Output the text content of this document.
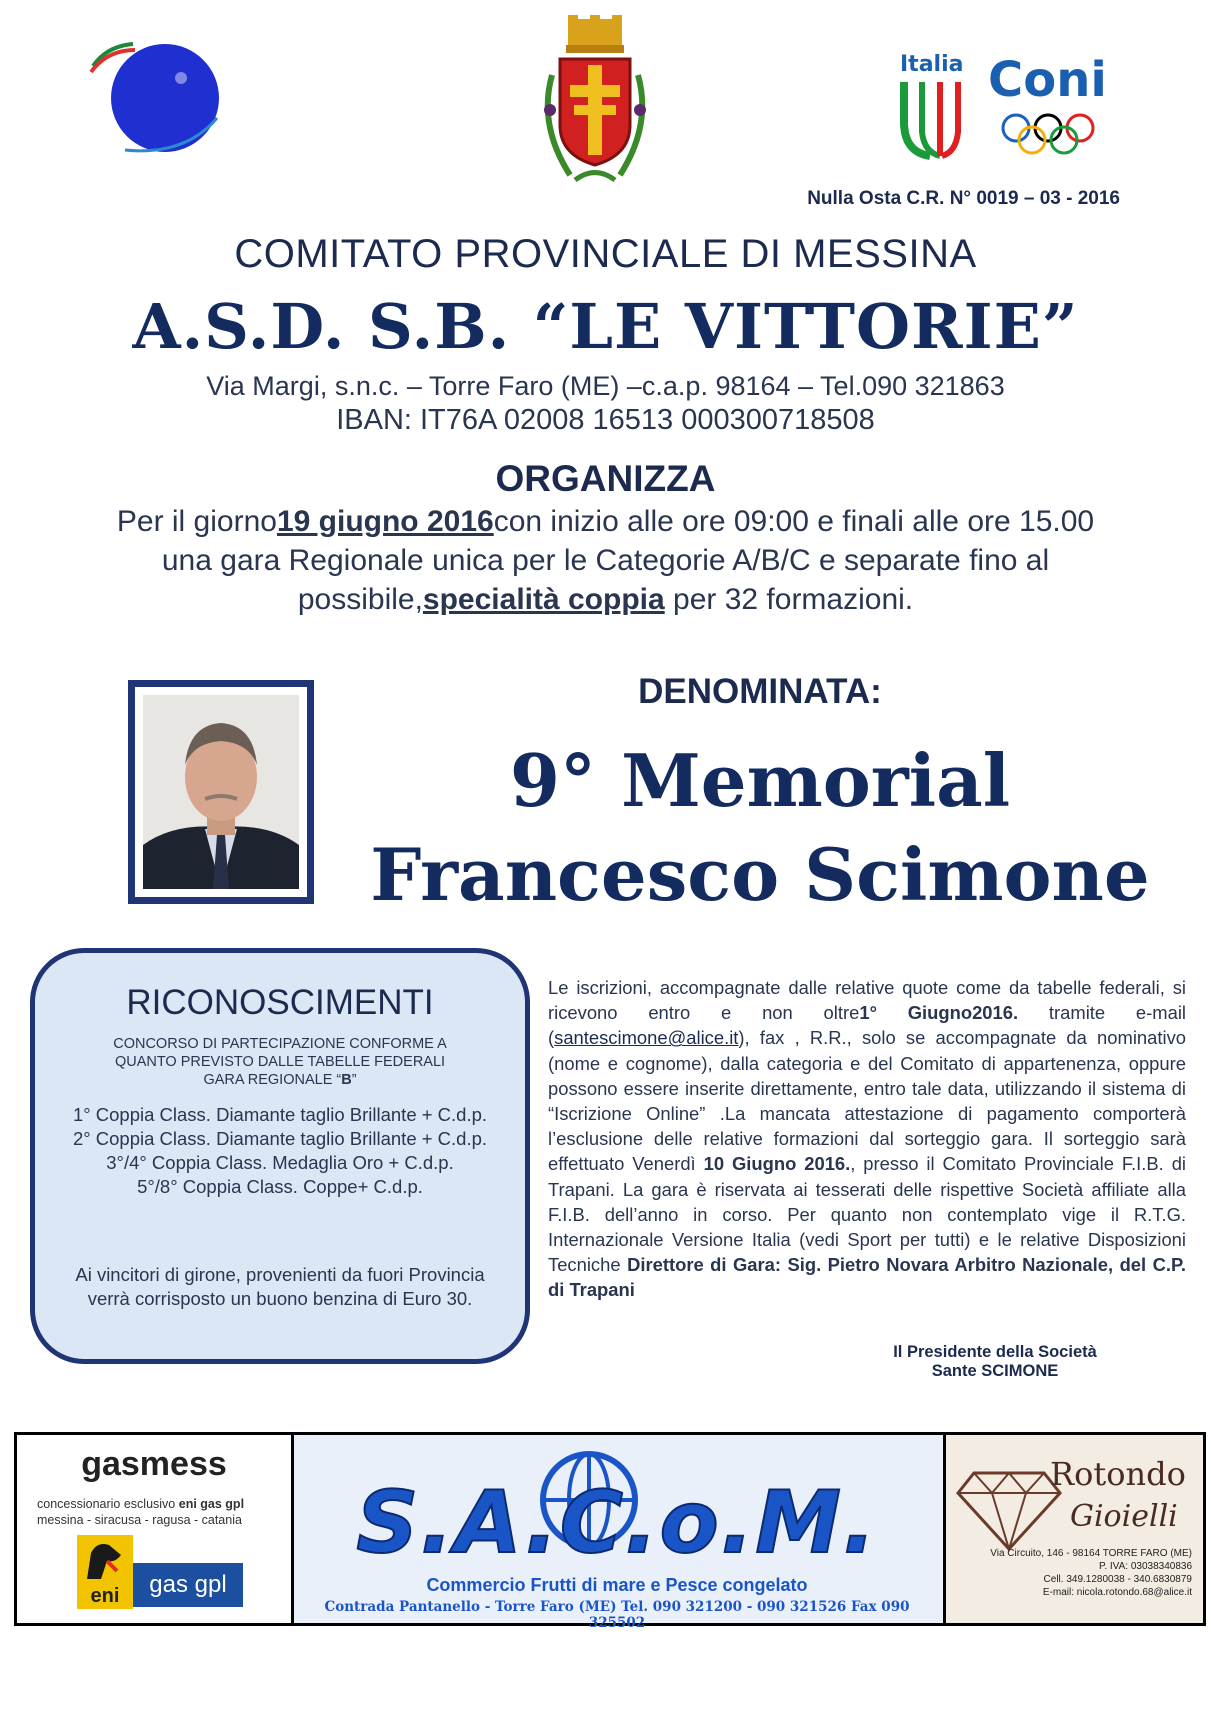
Italia Coni
Nulla Osta C.R. N° 0019 – 03 - 2016
COMITATO PROVINCIALE DI MESSINA
A.S.D. S.B. “LE VITTORIE”
Via Margi, s.n.c. – Torre Faro (ME) –c.a.p. 98164 – Tel.090 321863
IBAN: IT76A 02008 16513 000300718508
ORGANIZZA
Per il giorno19 giugno 2016con inizio alle ore 09:00 e finali alle ore 15.00
una gara Regionale unica per le Categorie A/B/C e separate fino al
possibile,specialità coppia per 32 formazioni.
DENOMINATA:
9° Memorial
Francesco Scimone
RICONOSCIMENTI
CONCORSO DI PARTECIPAZIONE CONFORME A
QUANTO PREVISTO DALLE TABELLE FEDERALI
GARA REGIONALE “B”
1° Coppia Class. Diamante taglio Brillante + C.d.p.
2° Coppia Class. Diamante taglio Brillante + C.d.p.
3°/4° Coppia Class. Medaglia Oro + C.d.p.
5°/8° Coppia Class. Coppe+ C.d.p.
Ai vincitori di girone, provenienti da fuori Provincia verrà corrisposto un buono benzina di Euro 30.
Le iscrizioni, accompagnate dalle relative quote come da tabelle federali, si ricevono entro e non oltre1° Giugno2016. tramite e-mail (santescimone@alice.it), fax , R.R., solo se accompagnate da nominativo (nome e cognome), dalla categoria e del Comitato di appartenenza, oppure possono essere inserite direttamente, entro tale data, utilizzando il sistema di “Iscrizione Online” .La mancata attestazione di pagamento comporterà l’esclusione delle relative formazioni dal sorteggio gara. Il sorteggio sarà effettuato Venerdì 10 Giugno 2016., presso il Comitato Provinciale F.I.B. di Trapani. La gara è riservata ai tesserati delle rispettive Società affiliate alla F.I.B. dell’anno in corso. Per quanto non contemplato vige il R.T.G. Internazionale Versione Italia (vedi Sport per tutti) e le relative Disposizioni Tecniche Direttore di Gara: Sig. Pietro Novara Arbitro Nazionale, del C.P. di Trapani
Il Presidente della Società
Sante SCIMONE
gasmess
concessionario esclusivo eni gas gpl
messina - siracusa - ragusa - catania
eni	gas gpl
S.A.C.o.M.
Commercio Frutti di mare e Pesce congelato
Contrada Pantanello - Torre Faro (ME) Tel. 090 321200 - 090 321526 Fax 090 325502
Rotondo
Gioielli
Via Circuito, 146 - 98164 TORRE FARO (ME)
P. IVA: 03038340836
Cell. 349.1280038 - 340.6830879
E-mail: nicola.rotondo.68@alice.it
